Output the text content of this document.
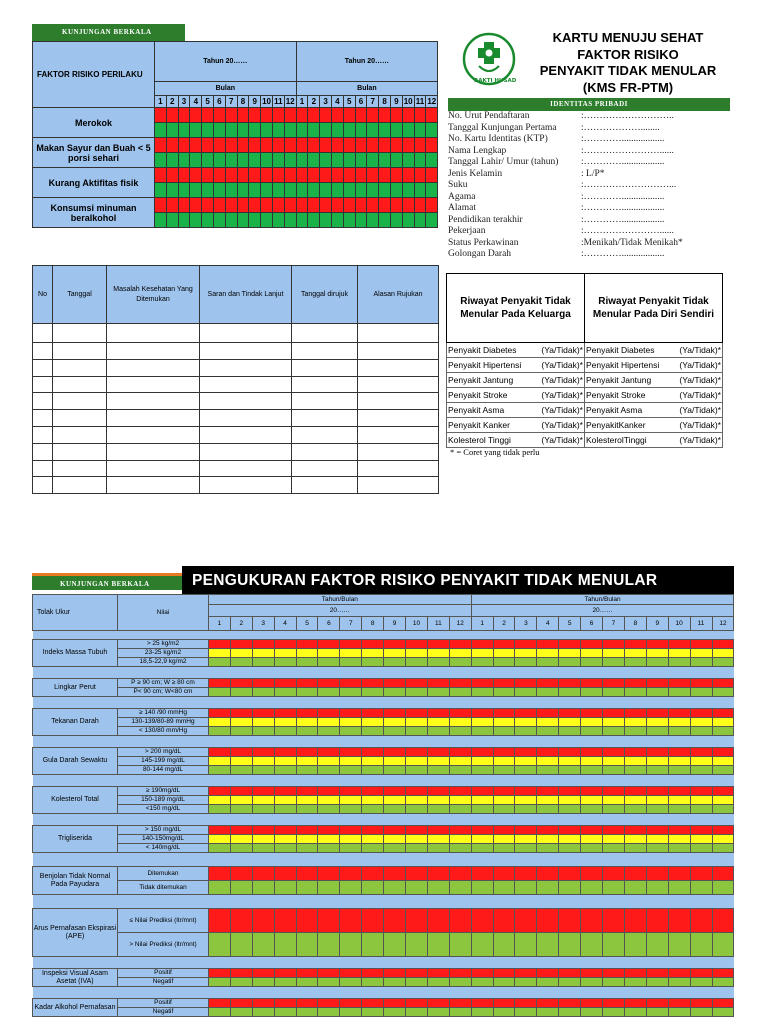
KUNJUNGAN BERKALA
FAKTOR RISIKO PERILAKU	Tahun 20……												Tahun 20……											
	Bulan												Bulan											
	1	2	3	4	5	6	7	8	9	10	11	12	1	2	3	4	5	6	7	8	9	10	11	12
Merokok																								

Makan Sayur dan Buah < 5 porsi sehari																								

Kurang Aktifitas fisik																								

Konsumsi minuman beralkohol																								

No	Tanggal	Masalah Kesehatan Yang Ditemukan	Saran dan Tindak Lanjut	Tanggal dirujuk	Alasan Rujukan

BAKTI HUSADA
KARTU MENUJU SEHAT
FAKTOR RISIKO
PENYAKIT TIDAK MENULAR
(KMS FR-PTM)
IDENTITAS PRIBADI
No. Urut Pendaftaran	:………………………..
Tanggal Kunjungan Pertama	:………………........
No. Kartu Identitas (KTP)	:…………..................
Nama Lengkap	:……………………......
Tanggal Lahir/ Umur (tahun)	:…………..................
Jenis Kelamin	: L/P*
Suku	:………………………...
Agama	:…………..................
Alamat	:…………..................
Pendidikan terakhir	:…………..................
Pekerjaan	:……………………......
Status Perkawinan	:Menikah/Tidak Menikah*
Golongan Darah	:…………..................
Riwayat Penyakit Tidak Menular Pada Keluarga	Riwayat Penyakit Tidak Menular Pada Diri Sendiri
Penyakit Diabetes (Ya/Tidak)*	Penyakit Diabetes (Ya/Tidak)*

Penyakit Hipertensi (Ya/Tidak)*	Penyakit Hipertensi (Ya/Tidak)*

Penyakit Jantung (Ya/Tidak)*	Penyakit Jantung (Ya/Tidak)*

Penyakit Stroke (Ya/Tidak)*	Penyakit Stroke (Ya/Tidak)*

Penyakit Asma (Ya/Tidak)*	Penyakit Asma (Ya/Tidak)*

Penyakit Kanker (Ya/Tidak)*	PenyakitKanker (Ya/Tidak)*

Kolesterol Tinggi (Ya/Tidak)*	KolesterolTinggi (Ya/Tidak)*
* = Coret yang tidak perlu
KUNJUNGAN BERKALA	PENGUKURAN FAKTOR RISIKO PENYAKIT TIDAK MENULAR
Tolak Ukur	Nilai	Tahun/Bulan												Tahun/Bulan											
		20……												20……											
		1	2	3	4	5	6	7	8	9	10	11	12	1	2	3	4	5	6	7	8	9	10	11	12

Indeks Massa Tubuh	> 25 kg/m2																								
	23-25 kg/m2																								
	18,5-22,9 kg/m2																								

Lingkar Perut	P ≥ 90 cm; W ≥ 80 cm																								
	P< 90 cm; W<80 cm																								

Tekanan Darah	≥ 140 /90 mmHg																								
	130-139/80-89 mmHg																								
	< 130/80 mm/Hg																								

Gula Darah Sewaktu	> 200 mg/dL																								
	145-199 mg/dL																								
	80-144 mg/dL																								

Kolesterol Total	≥ 190mg/dL																								
	150-189 mg/dL																								
	<150 mg/dL																								

Trigliserida	> 150 mg/dL																								
	140-150mg/dL																								
	< 140mg/dL																								

Benjolan Tidak Normal Pada Payudara	Ditemukan																								
	Tidak ditemukan																								

Arus Pernafasan Ekspirasi (APE)	≤ Nilai Prediksi (ltr/mnt)																								
	> Nilai Prediksi (ltr/mnt)																								

Inspeksi Visual Asam Asetat (IVA)	Positif																								
	Negatif																								

Kadar Alkohol Pernafasan	Positif																								
	Negatif																								
